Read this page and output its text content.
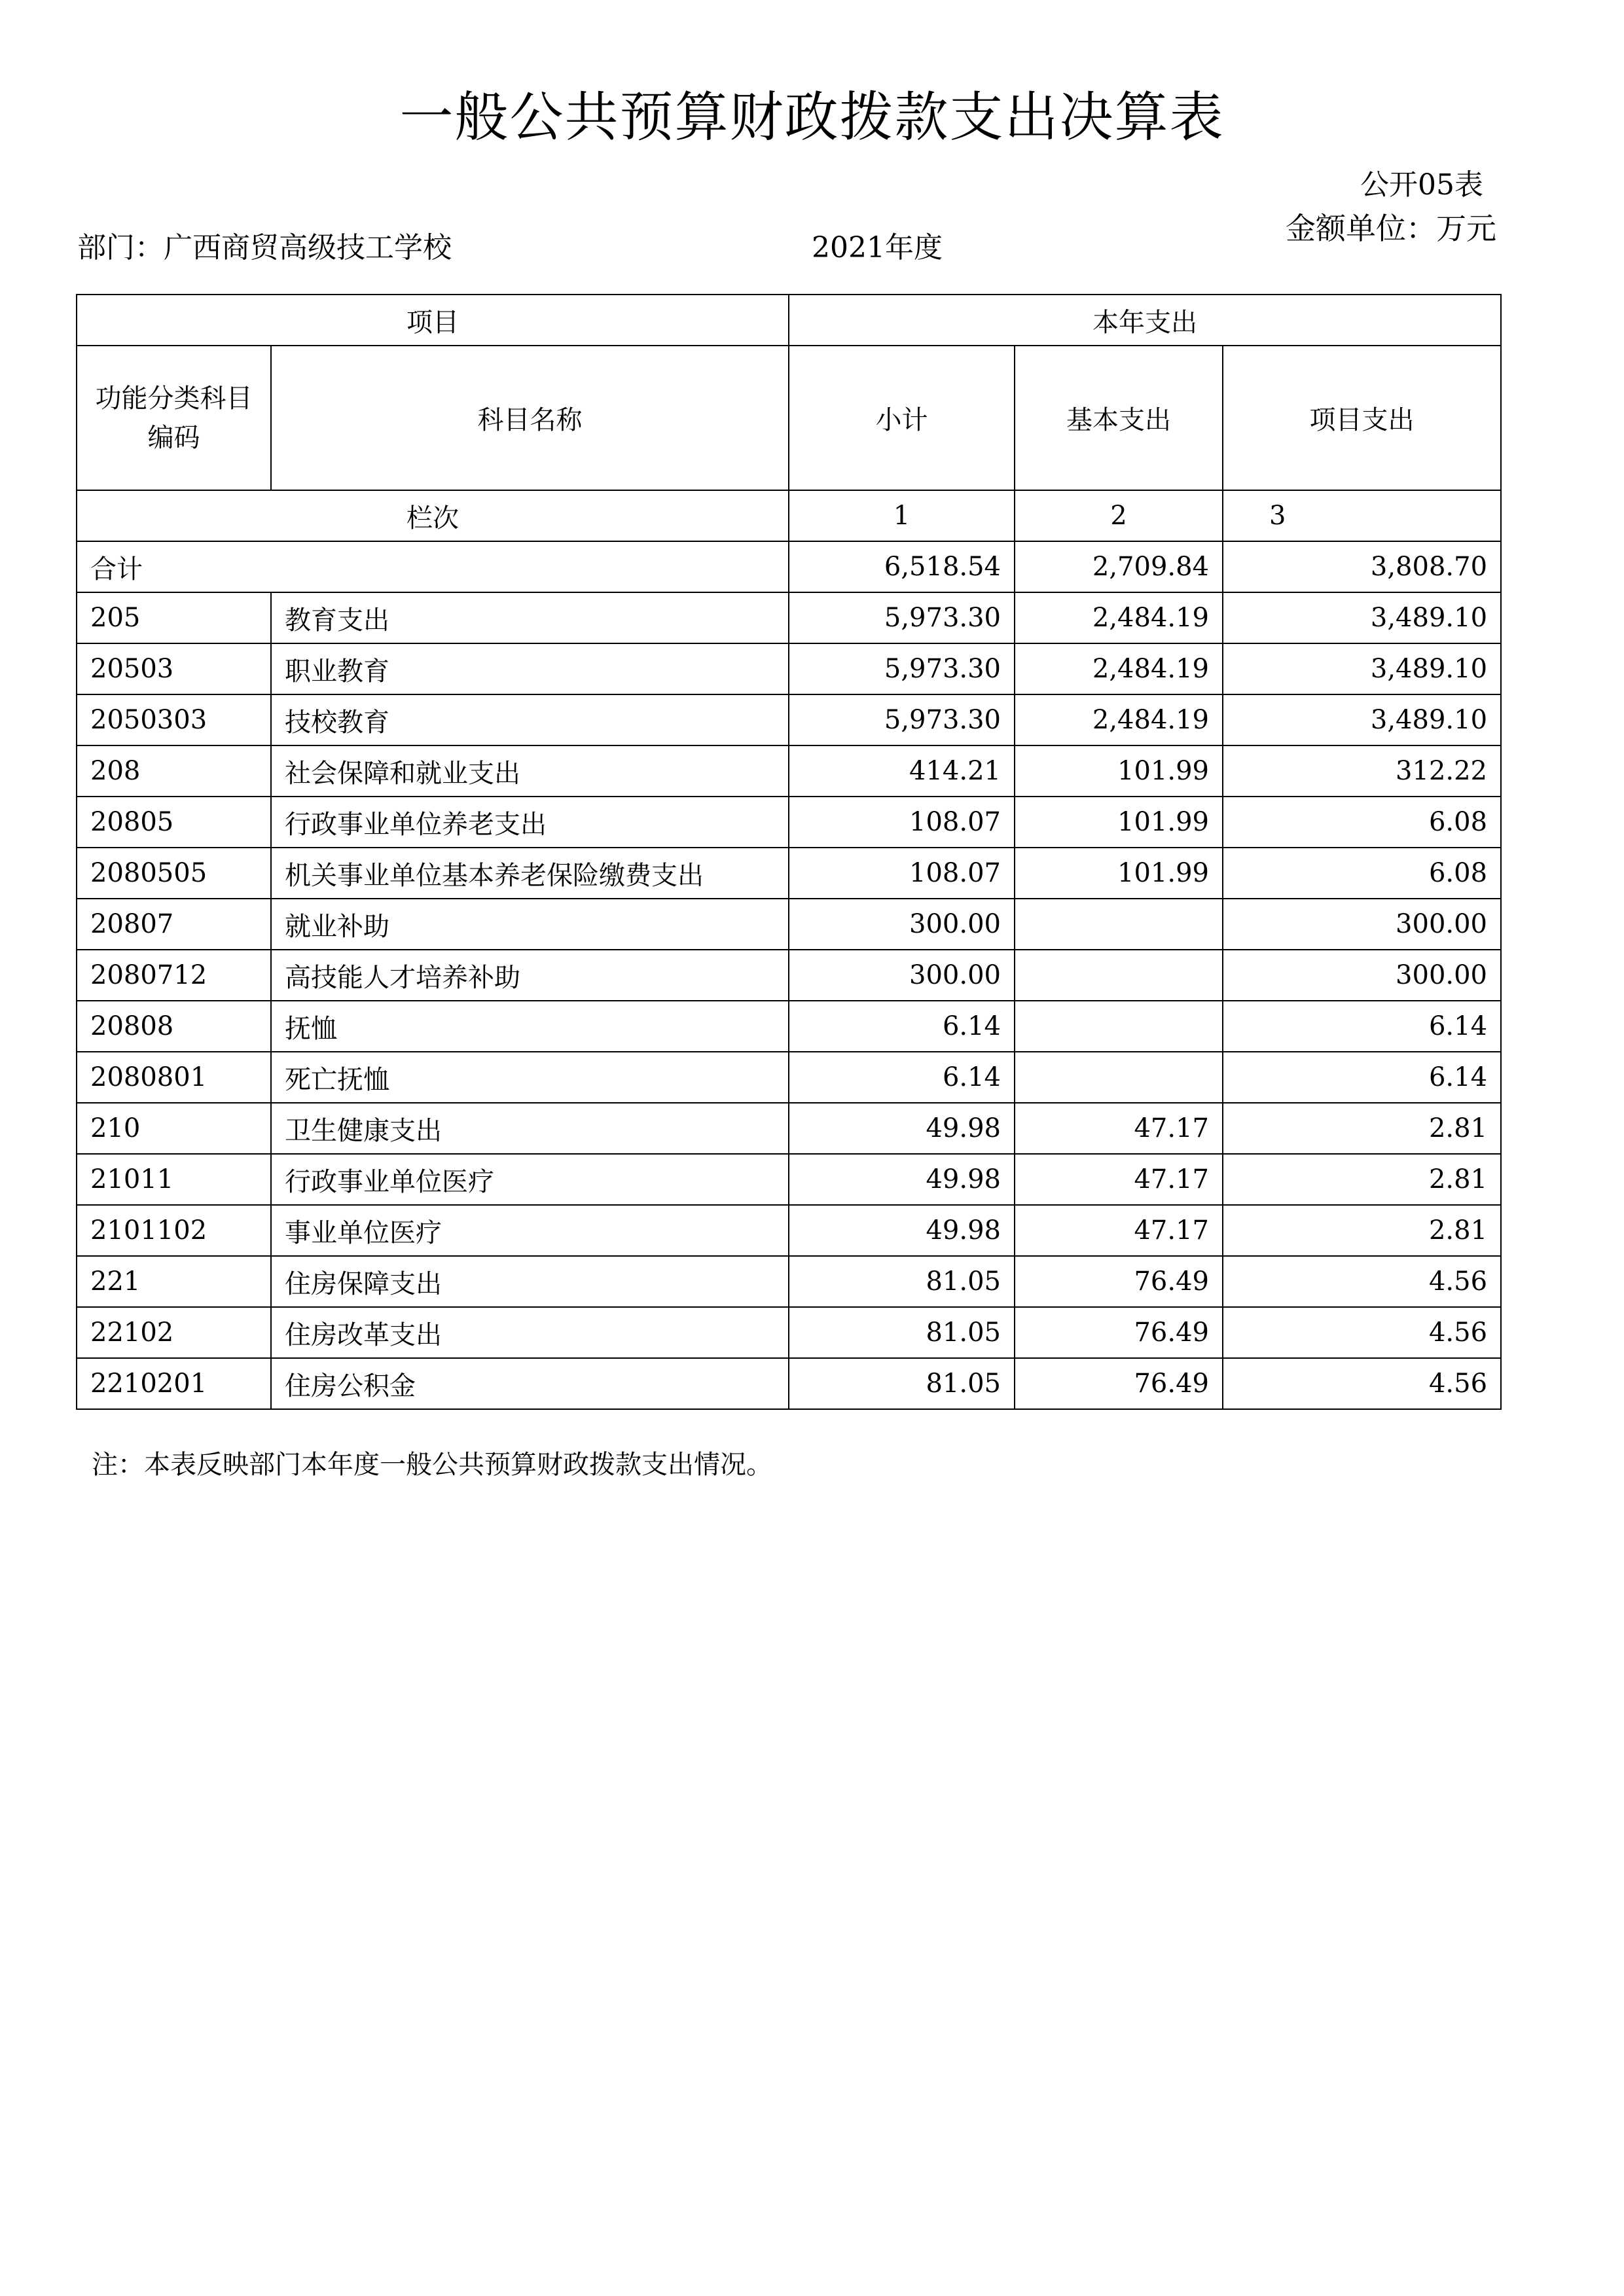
一般公共预算财政拨款支出决算表
公开05表
金额单位：万元
部门：广西商贸高级技工学校	2021年度
项目		本年支出		
功能分类科目编码	科目名称	小计	基本支出	项目支出
栏次		1	2	3
合计		6,518.54	2,709.84	3,808.70
205	教育支出	5,973.30	2,484.19	3,489.10
20503	职业教育	5,973.30	2,484.19	3,489.10
2050303	技校教育	5,973.30	2,484.19	3,489.10
208	社会保障和就业支出	414.21	101.99	312.22
20805	行政事业单位养老支出	108.07	101.99	6.08
2080505	机关事业单位基本养老保险缴费支出	108.07	101.99	6.08
20807	就业补助	300.00		300.00
2080712	高技能人才培养补助	300.00		300.00
20808	抚恤	6.14		6.14
2080801	死亡抚恤	6.14		6.14
210	卫生健康支出	49.98	47.17	2.81
21011	行政事业单位医疗	49.98	47.17	2.81
2101102	事业单位医疗	49.98	47.17	2.81
221	住房保障支出	81.05	76.49	4.56
22102	住房改革支出	81.05	76.49	4.56
2210201	住房公积金	81.05	76.49	4.56
注：本表反映部门本年度一般公共预算财政拨款支出情况。
